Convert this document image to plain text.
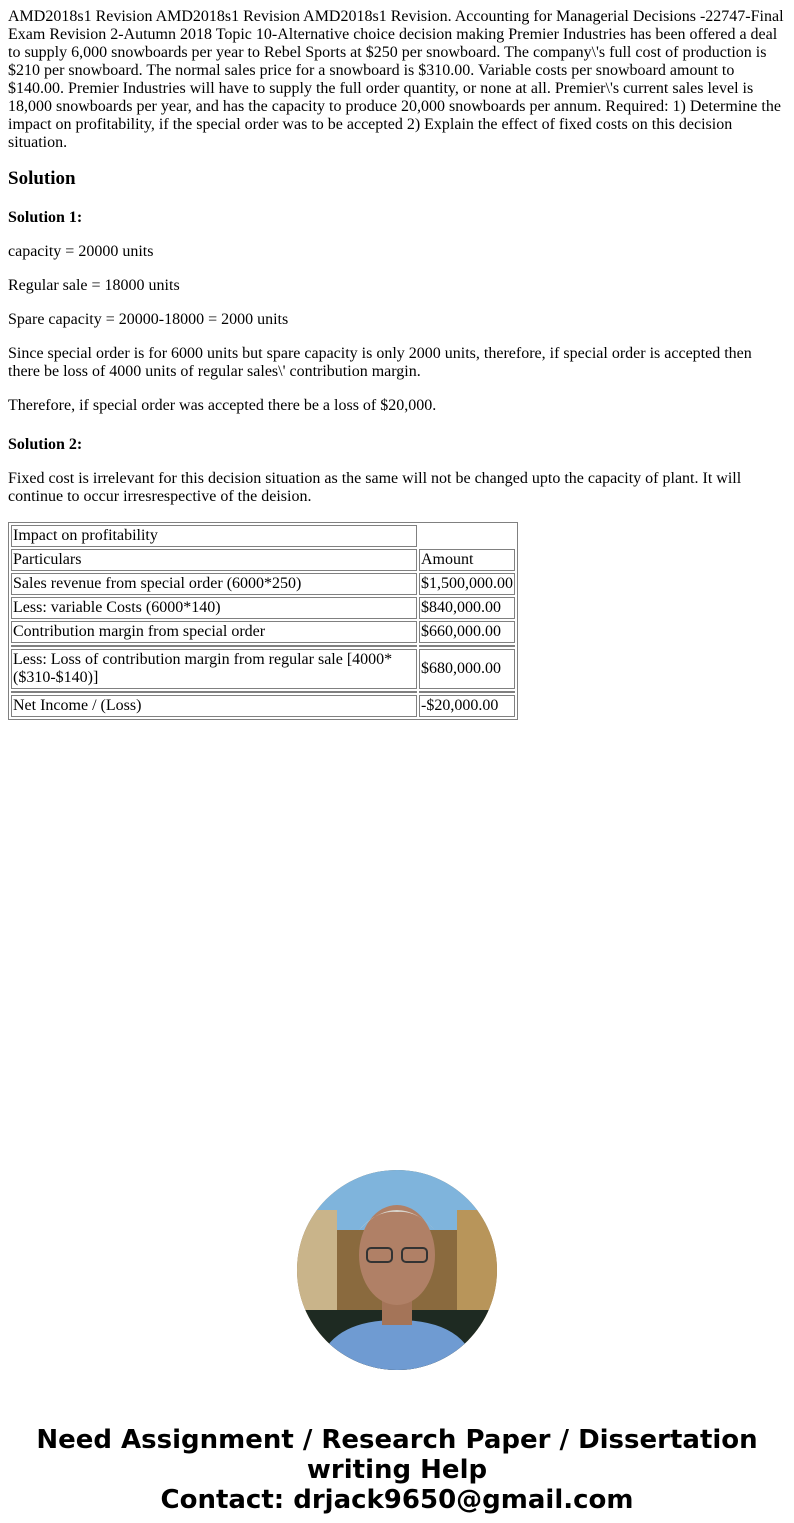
AMD2018s1 Revision AMD2018s1 Revision AMD2018s1 Revision. Accounting for Managerial Decisions -22747-Final Exam Revision 2-Autumn 2018 Topic 10-Alternative choice decision making Premier Industries has been offered a deal to supply 6,000 snowboards per year to Rebel Sports at $250 per snowboard. The company\'s full cost of production is $210 per snowboard. The normal sales price for a snowboard is $310.00. Variable costs per snowboard amount to $140.00. Premier Industries will have to supply the full order quantity, or none at all. Premier\'s current sales level is 18,000 snowboards per year, and has the capacity to produce 20,000 snowboards per annum. Required: 1) Determine the impact on profitability, if the special order was to be accepted 2) Explain the effect of fixed costs on this decision situation.

Solution
Solution 1:

capacity = 20000 units

Regular sale = 18000 units

Spare capacity = 20000-18000 = 2000 units

Since special order is for 6000 units but spare capacity is only 2000 units, therefore, if special order is accepted then there be loss of 4000 units of regular sales\' contribution margin.

Therefore, if special order was accepted there be a loss of $20,000.

Solution 2:

Fixed cost is irrelevant for this decision situation as the same will not be changed upto the capacity of plant. It will continue to occur irresrespective of the deision.

Impact on profitability	
Particulars	Amount
Sales revenue from special order (6000*250)	$1,500,000.00
Less: variable Costs (6000*140)	$840,000.00
Contribution margin from special order	$660,000.00

Less: Loss of contribution margin from regular sale [4000*($310-$140)]	$680,000.00

Net Income / (Loss)	-$20,000.00
Need Assignment / Research Paper / Dissertation writing Help
Contact: drjack9650@gmail.com
